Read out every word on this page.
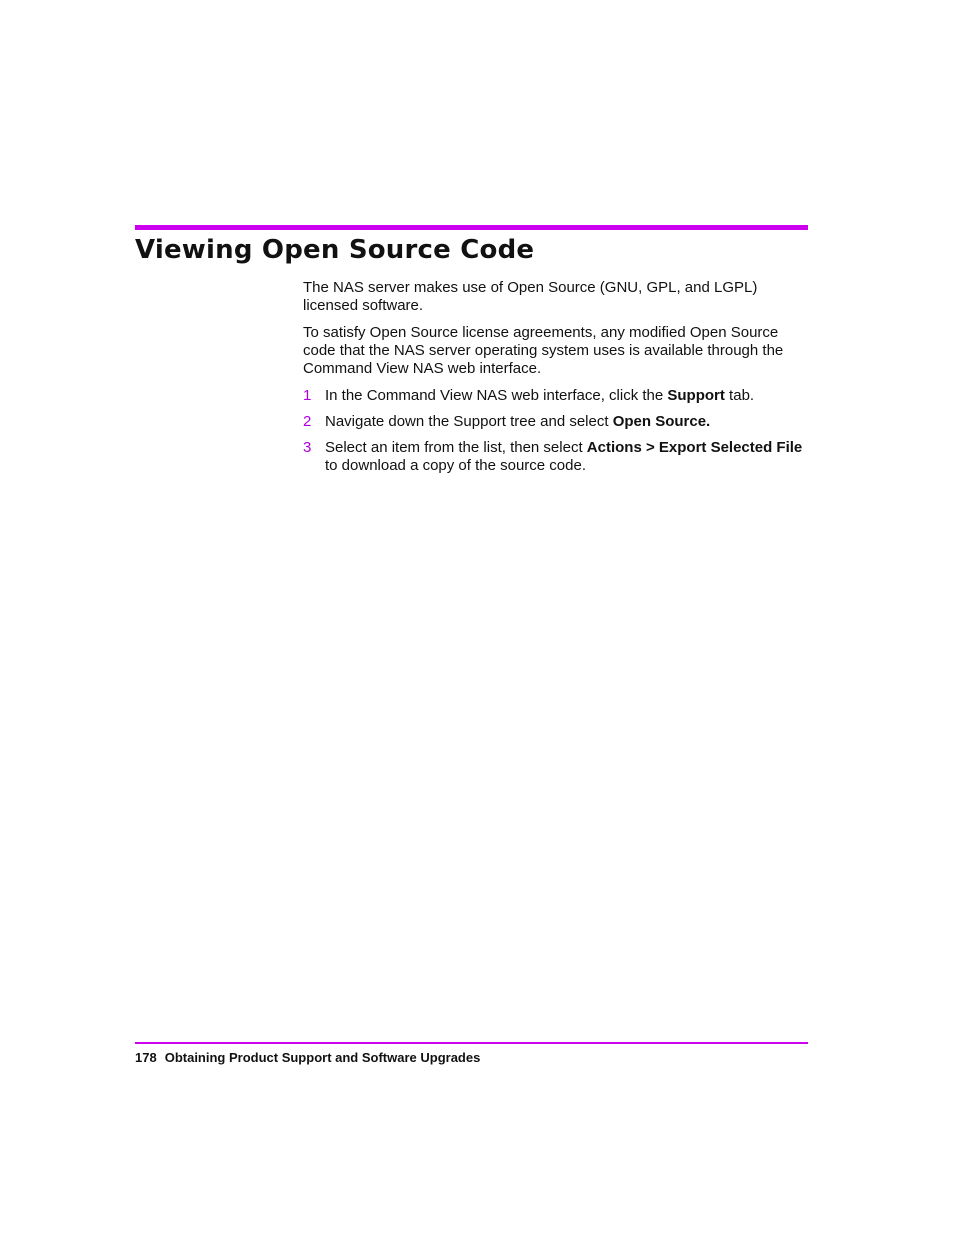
Viewing Open Source Code

The NAS server makes use of Open Source (GNU, GPL, and LGPL) licensed software.

To satisfy Open Source license agreements, any modified Open Source code that the NAS server operating system uses is available through the Command View NAS web interface.

1 In the Command View NAS web interface, click the Support tab.
2 Navigate down the Support tree and select Open Source.
3 Select an item from the list, then select Actions > Export Selected File to download a copy of the source code.
178 Obtaining Product Support and Software Upgrades
